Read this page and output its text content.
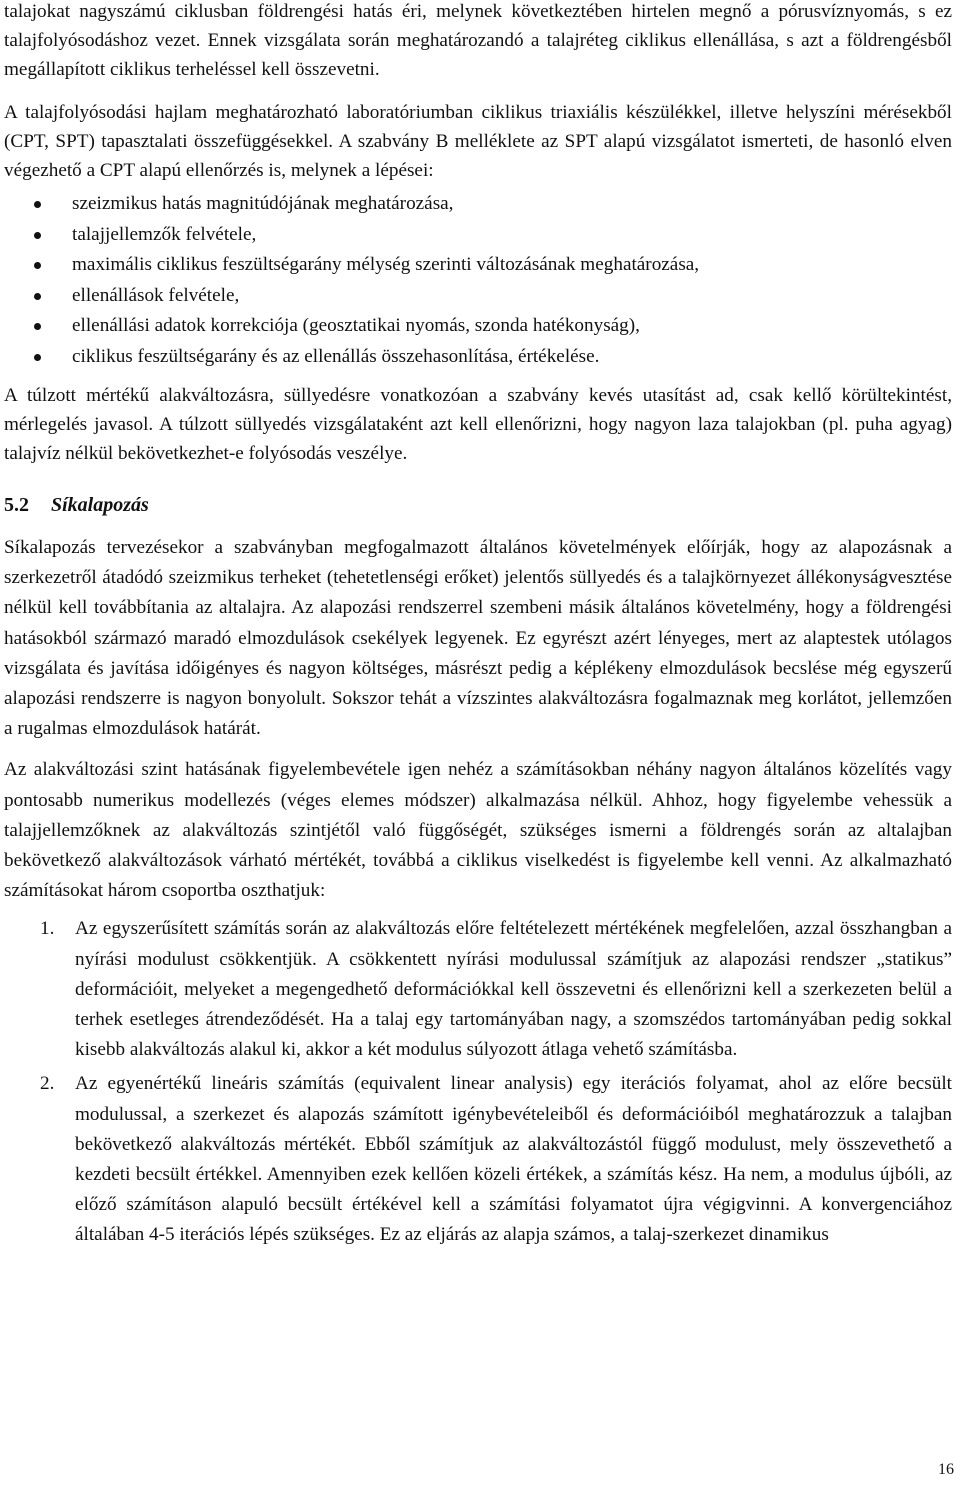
talajokat nagyszámú ciklusban földrengési hatás éri, melynek következtében hirtelen megnő a pórusvíznyomás, s ez talajfolyósodáshoz vezet. Ennek vizsgálata során meghatározandó a talajréteg ciklikus ellenállása, s azt a földrengésből megállapított ciklikus terheléssel kell összevetni.

A talajfolyósodási hajlam meghatározható laboratóriumban ciklikus triaxiális készülékkel, illetve helyszíni mérésekből (CPT, SPT) tapasztalati összefüggésekkel. A szabvány B melléklete az SPT alapú vizsgálatot ismerteti, de hasonló elven végezhető a CPT alapú ellenőrzés is, melynek a lépései:

szeizmikus hatás magnitúdójának meghatározása,
talajjellemzők felvétele,
maximális ciklikus feszültségarány mélység szerinti változásának meghatározása,
ellenállások felvétele,
ellenállási adatok korrekciója (geosztatikai nyomás, szonda hatékonyság),
ciklikus feszültségarány és az ellenállás összehasonlítása, értékelése.

A túlzott mértékű alakváltozásra, süllyedésre vonatkozóan a szabvány kevés utasítást ad, csak kellő körültekintést, mérlegelés javasol. A túlzott süllyedés vizsgálataként azt kell ellenőrizni, hogy nagyon laza talajokban (pl. puha agyag) talajvíz nélkül bekövetkezhet-e folyósodás veszélye.

5.2 Síkalapozás

Síkalapozás tervezésekor a szabványban megfogalmazott általános követelmények előírják, hogy az alapozásnak a szerkezetről átadódó szeizmikus terheket (tehetetlenségi erőket) jelentős süllyedés és a talajkörnyezet állékonyságvesztése nélkül kell továbbítania az altalajra. Az alapozási rendszerrel szembeni másik általános követelmény, hogy a földrengési hatásokból származó maradó elmozdulások csekélyek legyenek. Ez egyrészt azért lényeges, mert az alaptestek utólagos vizsgálata és javítása időigényes és nagyon költséges, másrészt pedig a képlékeny elmozdulások becslése még egyszerű alapozási rendszerre is nagyon bonyolult. Sokszor tehát a vízszintes alakváltozásra fogalmaznak meg korlátot, jellemzően a rugalmas elmozdulások határát.

Az alakváltozási szint hatásának figyelembevétele igen nehéz a számításokban néhány nagyon általános közelítés vagy pontosabb numerikus modellezés (véges elemes módszer) alkalmazása nélkül. Ahhoz, hogy figyelembe vehessük a talajjellemzőknek az alakváltozás szintjétől való függőségét, szükséges ismerni a földrengés során az altalajban bekövetkező alakváltozások várható mértékét, továbbá a ciklikus viselkedést is figyelembe kell venni. Az alkalmazható számításokat három csoportba oszthatjuk:

1. Az egyszerűsített számítás során az alakváltozás előre feltételezett mértékének megfelelően, azzal összhangban a nyírási modulust csökkentjük. A csökkentett nyírási modulussal számítjuk az alapozási rendszer „statikus” deformációit, melyeket a megengedhető deformációkkal kell összevetni és ellenőrizni kell a szerkezeten belül a terhek esetleges átrendeződését. Ha a talaj egy tartományában nagy, a szomszédos tartományában pedig sokkal kisebb alakváltozás alakul ki, akkor a két modulus súlyozott átlaga vehető számításba.
2. Az egyenértékű lineáris számítás (equivalent linear analysis) egy iterációs folyamat, ahol az előre becsült modulussal, a szerkezet és alapozás számított igénybevételeiből és deformációiból meghatározzuk a talajban bekövetkező alakváltozás mértékét. Ebből számítjuk az alakváltozástól függő modulust, mely összevethető a kezdeti becsült értékkel. Amennyiben ezek kellően közeli értékek, a számítás kész. Ha nem, a modulus újbóli, az előző számításon alapuló becsült értékével kell a számítási folyamatot újra végigvinni. A konvergenciához általában 4-5 iterációs lépés szükséges. Ez az eljárás az alapja számos, a talaj-szerkezet dinamikus
16
